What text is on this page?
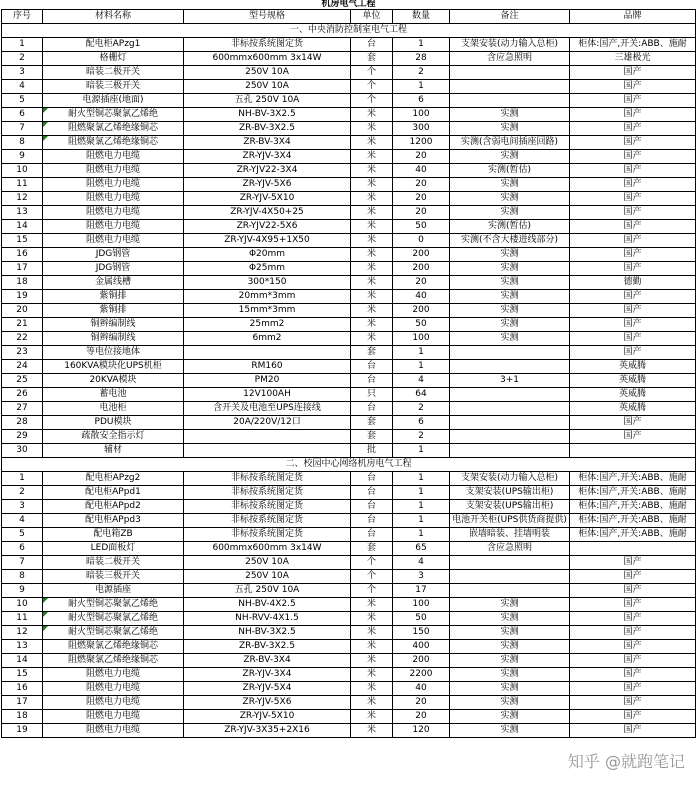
机房电气工程
序号	材料名称	型号规格	单位	数量	备注	品牌
一、中央消防控制室电气工程						
1	配电柜APzg1	非标按系统图定货	台	1	支架安装(动力输入总柜)	柜体:国产,开关:ABB、施耐
2	格栅灯	600mmx600mm 3x14W	套	28	含应急照明	三雄极光
3	暗装二极开关	250V 10A	个	2		国产
4	暗装三极开关	250V 10A	个	1		国产
5	电源插座(地面)	五孔 250V 10A	个	6		国产
6	耐火型铜芯聚氯乙烯绝	NH-BV-3X2.5	米	100	实测	国产
7	阻燃聚氯乙烯绝缘铜芯	ZR-BV-3X2.5	米	300	实测	国产
8	阻燃聚氯乙烯绝缘铜芯	ZR-BV-3X4	米	1200	实测(含弱电间插座回路)	国产
9	阻燃电力电缆	ZR-YJV-3X4	米	20	实测	国产
10	阻燃电力电缆	ZR-YJV22-3X4	米	40	实测(暂估)	国产
11	阻燃电力电缆	ZR-YJV-5X6	米	20	实测	国产
12	阻燃电力电缆	ZR-YJV-5X10	米	20	实测	国产
13	阻燃电力电缆	ZR-YJV-4X50+25	米	20	实测	国产
14	阻燃电力电缆	ZR-YJV22-5X6	米	50	实测(暂估)	国产
15	阻燃电力电缆	ZR-YJV-4X95+1X50	米	0	实测(不含大楼进线部分)	国产
16	JDG钢管	Φ20mm	米	200	实测	国产
17	JDG钢管	Φ25mm	米	200	实测	国产
18	金属线槽	300*150	米	20	实测	德勤
19	紫铜排	20mm*3mm	米	40	实测	国产
20	紫铜排	15mm*3mm	米	200	实测	国产
21	铜辫编制线	25mm2	米	50	实测	国产
22	铜辫编制线	6mm2	米	100	实测	国产
23	等电位接地体		套	1		国产
24	160KVA模块化UPS机柜	RM160	台	1		英威腾
25	20KVA模块	PM20	台	4	3+1	英威腾
26	蓄电池	12V100AH	只	64		英威腾
27	电池柜	含开关及电池至UPS连接线	台	2		英威腾
28	PDU模块	20A/220V/12口	套	6		国产
29	疏散安全指示灯		套	2		国产
30	辅材		批	1		
二、校园中心网络机房电气工程						
1	配电柜APzg2	非标按系统图定货	台	1	支架安装(动力输入总柜)	柜体:国产,开关:ABB、施耐
2	配电柜APpd1	非标按系统图定货	台	1	支架安装(UPS输出柜)	柜体:国产,开关:ABB、施耐
3	配电柜APpd2	非标按系统图定货	台	1	支架安装(UPS输出柜)	柜体:国产,开关:ABB、施耐
4	配电柜APpd3	非标按系统图定货	台	1	电池开关柜(UPS供货商提供)	柜体:国产,开关:ABB、施耐
5	配电箱ZB	非标按系统图定货	台	1	嵌墙暗装、挂墙明装	柜体:国产,开关:ABB、施耐
6	LED面板灯	600mmx600mm 3x14W	套	65	含应急照明	
7	暗装二极开关	250V 10A	个	4		国产
8	暗装三极开关	250V 10A	个	3		国产
9	电源插座	五孔 250V 10A	个	17		国产
10	耐火型铜芯聚氯乙烯绝	NH-BV-4X2.5	米	100	实测	国产
11	耐火型铜芯聚氯乙烯绝	NH-RVV-4X1.5	米	50	实测	国产
12	耐火型铜芯聚氯乙烯绝	NH-BV-3X2.5	米	150	实测	国产
13	阻燃聚氯乙烯绝缘铜芯	ZR-BV-3X2.5	米	400	实测	国产
14	阻燃聚氯乙烯绝缘铜芯	ZR-BV-3X4	米	200	实测	国产
15	阻燃电力电缆	ZR-YJV-3X4	米	2200	实测	国产
16	阻燃电力电缆	ZR-YJV-5X4	米	40	实测	国产
17	阻燃电力电缆	ZR-YJV-5X6	米	20	实测	国产
18	阻燃电力电缆	ZR-YJV-5X10	米	20	实测	国产
19	阻燃电力电缆	ZR-YJV-3X35+2X16	米	120	实测	国产
知乎 @就跑笔记
